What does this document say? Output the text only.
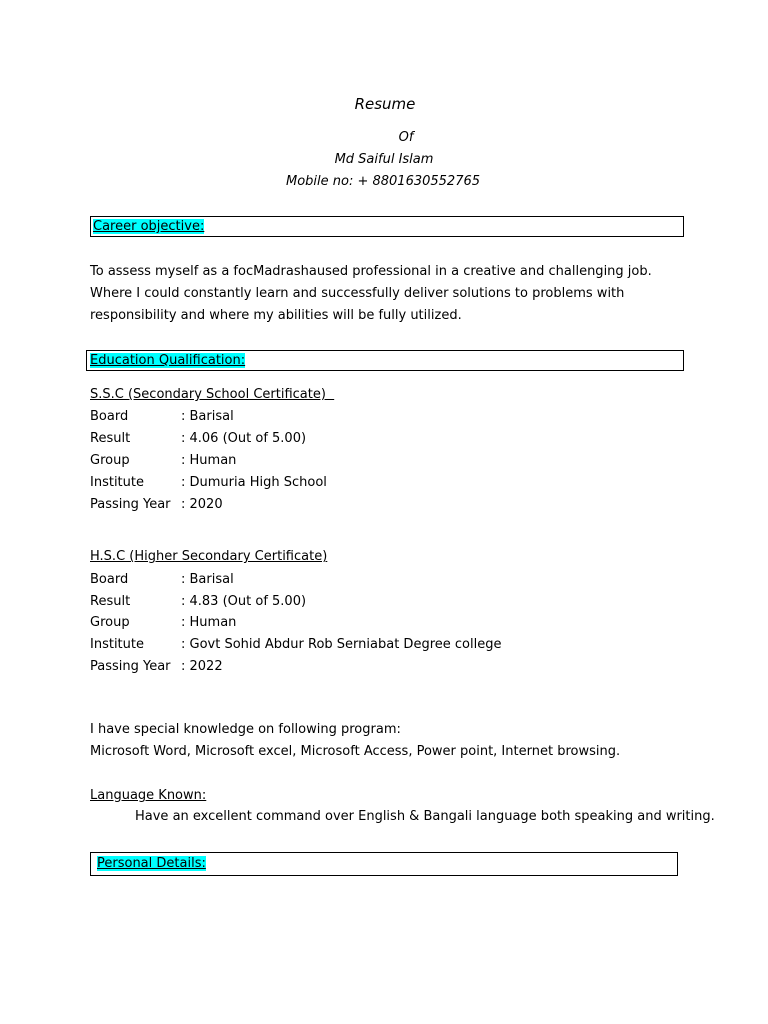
Resume
Of
Md Saiful Islam
Mobile no: + 8801630552765
Career objective:
To assess myself as a focMadrashaused professional in a creative and challenging job. Where I could constantly learn and successfully deliver solutions to problems with responsibility and where my abilities will be fully utilized.
Education Qualification:
S.S.C (Secondary School Certificate)
Board	: Barisal
Result	: 4.06 (Out of 5.00)
Group	: Human
Institute	: Dumuria High School
Passing Year : 2020
H.S.C (Higher Secondary Certificate)
Board	: Barisal
Result	: 4.83 (Out of 5.00)
Group	: Human
Institute	: Govt Sohid Abdur Rob Serniabat Degree college
Passing Year : 2022
I have special knowledge on following program:
Microsoft Word, Microsoft excel, Microsoft Access, Power point, Internet browsing.
Language Known:
Have an excellent command over English & Bangali language both speaking and writing.
Personal Details:
